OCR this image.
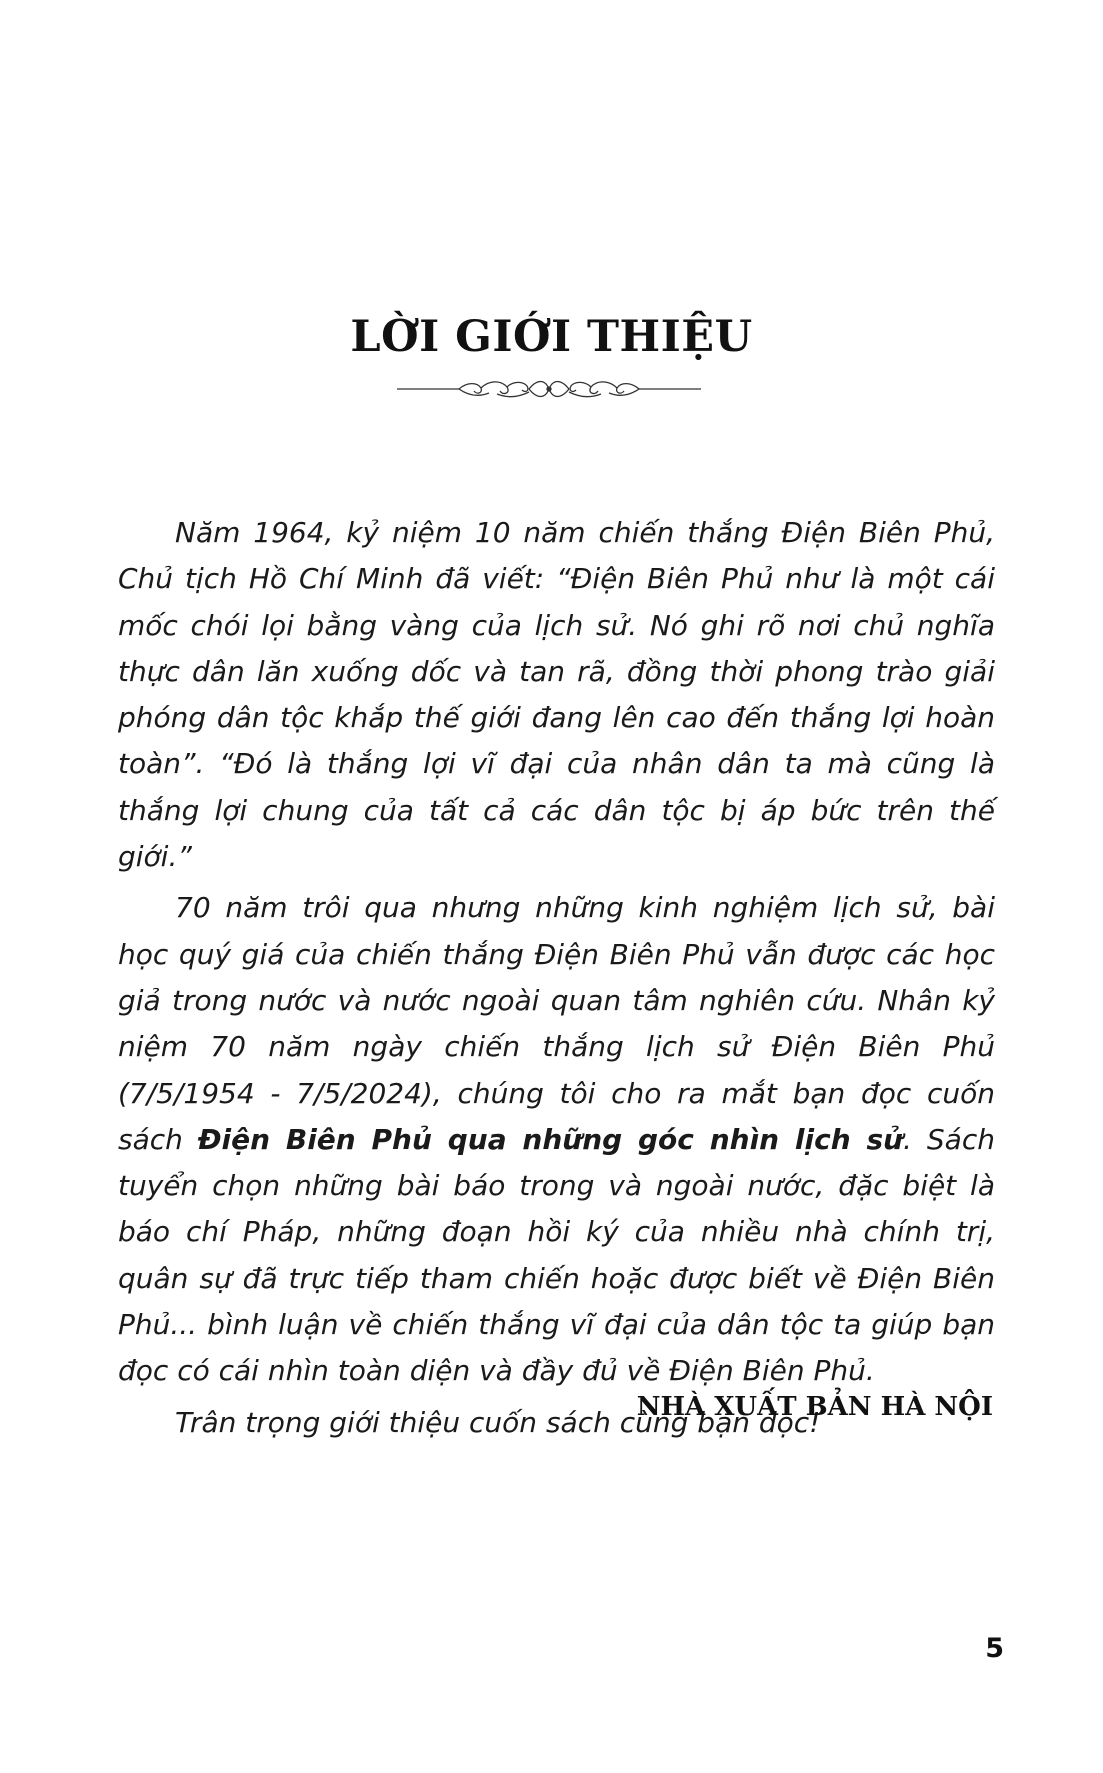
LỜI GIỚI THIỆU

Năm 1964, kỷ niệm 10 năm chiến thắng Điện Biên Phủ, Chủ tịch Hồ Chí Minh đã viết: “Điện Biên Phủ như là một cái mốc chói lọi bằng vàng của lịch sử. Nó ghi rõ nơi chủ nghĩa thực dân lăn xuống dốc và tan rã, đồng thời phong trào giải phóng dân tộc khắp thế giới đang lên cao đến thắng lợi hoàn toàn”. “Đó là thắng lợi vĩ đại của nhân dân ta mà cũng là thắng lợi chung của tất cả các dân tộc bị áp bức trên thế giới.”

70 năm trôi qua nhưng những kinh nghiệm lịch sử, bài học quý giá của chiến thắng Điện Biên Phủ vẫn được các học giả trong nước và nước ngoài quan tâm nghiên cứu. Nhân kỷ niệm 70 năm ngày chiến thắng lịch sử Điện Biên Phủ (7/5/1954 - 7/5/2024), chúng tôi cho ra mắt bạn đọc cuốn sách Điện Biên Phủ qua những góc nhìn lịch sử. Sách tuyển chọn những bài báo trong và ngoài nước, đặc biệt là báo chí Pháp, những đoạn hồi ký của nhiều nhà chính trị, quân sự đã trực tiếp tham chiến hoặc được biết về Điện Biên Phủ... bình luận về chiến thắng vĩ đại của dân tộc ta giúp bạn đọc có cái nhìn toàn diện và đầy đủ về Điện Biên Phủ.

Trân trọng giới thiệu cuốn sách cùng bạn đọc!

NHÀ XUẤT BẢN HÀ NỘI
5
